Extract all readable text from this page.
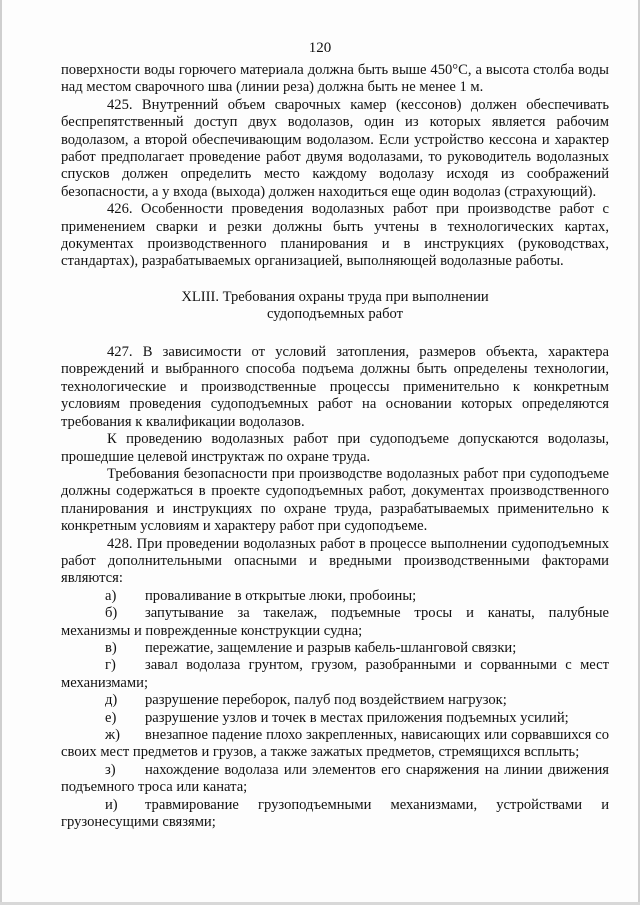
120

поверхности воды горючего материала должна быть выше 450°С, а высота столба воды над местом сварочного шва (линии реза) должна быть не менее 1 м.

425. Внутренний объем сварочных камер (кессонов) должен обеспечивать беспрепятственный доступ двух водолазов, один из которых является рабочим водолазом, а второй обеспечивающим водолазом. Если устройство кессона и характер работ предполагает проведение работ двумя водолазами, то руководитель водолазных спусков должен определить место каждому водолазу исходя из соображений безопасности, а у входа (выхода) должен находиться еще один водолаз (страхующий).

426. Особенности проведения водолазных работ при производстве работ с применением сварки и резки должны быть учтены в технологических картах, документах производственного планирования и в инструкциях (руководствах, стандартах), разрабатываемых организацией, выполняющей водолазные работы.

XLIII. Требования охраны труда при выполнении
судоподъемных работ

427. В зависимости от условий затопления, размеров объекта, характера повреждений и выбранного способа подъема должны быть определены технологии, технологические и производственные процессы применительно к конкретным условиям проведения судоподъемных работ на основании которых определяются требования к квалификации водолазов.

К проведению водолазных работ при судоподъеме допускаются водолазы, прошедшие целевой инструктаж по охране труда.

Требования безопасности при производстве водолазных работ при судоподъеме должны содержаться в проекте судоподъемных работ, документах производственного планирования и инструкциях по охране труда, разрабатываемых применительно к конкретным условиям и характеру работ при судоподъеме.

428. При проведении водолазных работ в процессе выполнении судоподъемных работ дополнительными опасными и вредными производственными факторами являются:

а) проваливание в открытые люки, пробоины;

б) запутывание за такелаж, подъемные тросы и канаты, палубные механизмы и поврежденные конструкции судна;

в) пережатие, защемление и разрыв кабель-шланговой связки;

г) завал водолаза грунтом, грузом, разобранными и сорванными с мест механизмами;

д) разрушение переборок, палуб под воздействием нагрузок;

е) разрушение узлов и точек в местах приложения подъемных усилий;

ж) внезапное падение плохо закрепленных, нависающих или сорвавшихся со своих мест предметов и грузов, а также зажатых предметов, стремящихся всплыть;

з) нахождение водолаза или элементов его снаряжения на линии движения подъемного троса или каната;

и) травмирование грузоподъемными механизмами, устройствами и грузонесущими связями;
